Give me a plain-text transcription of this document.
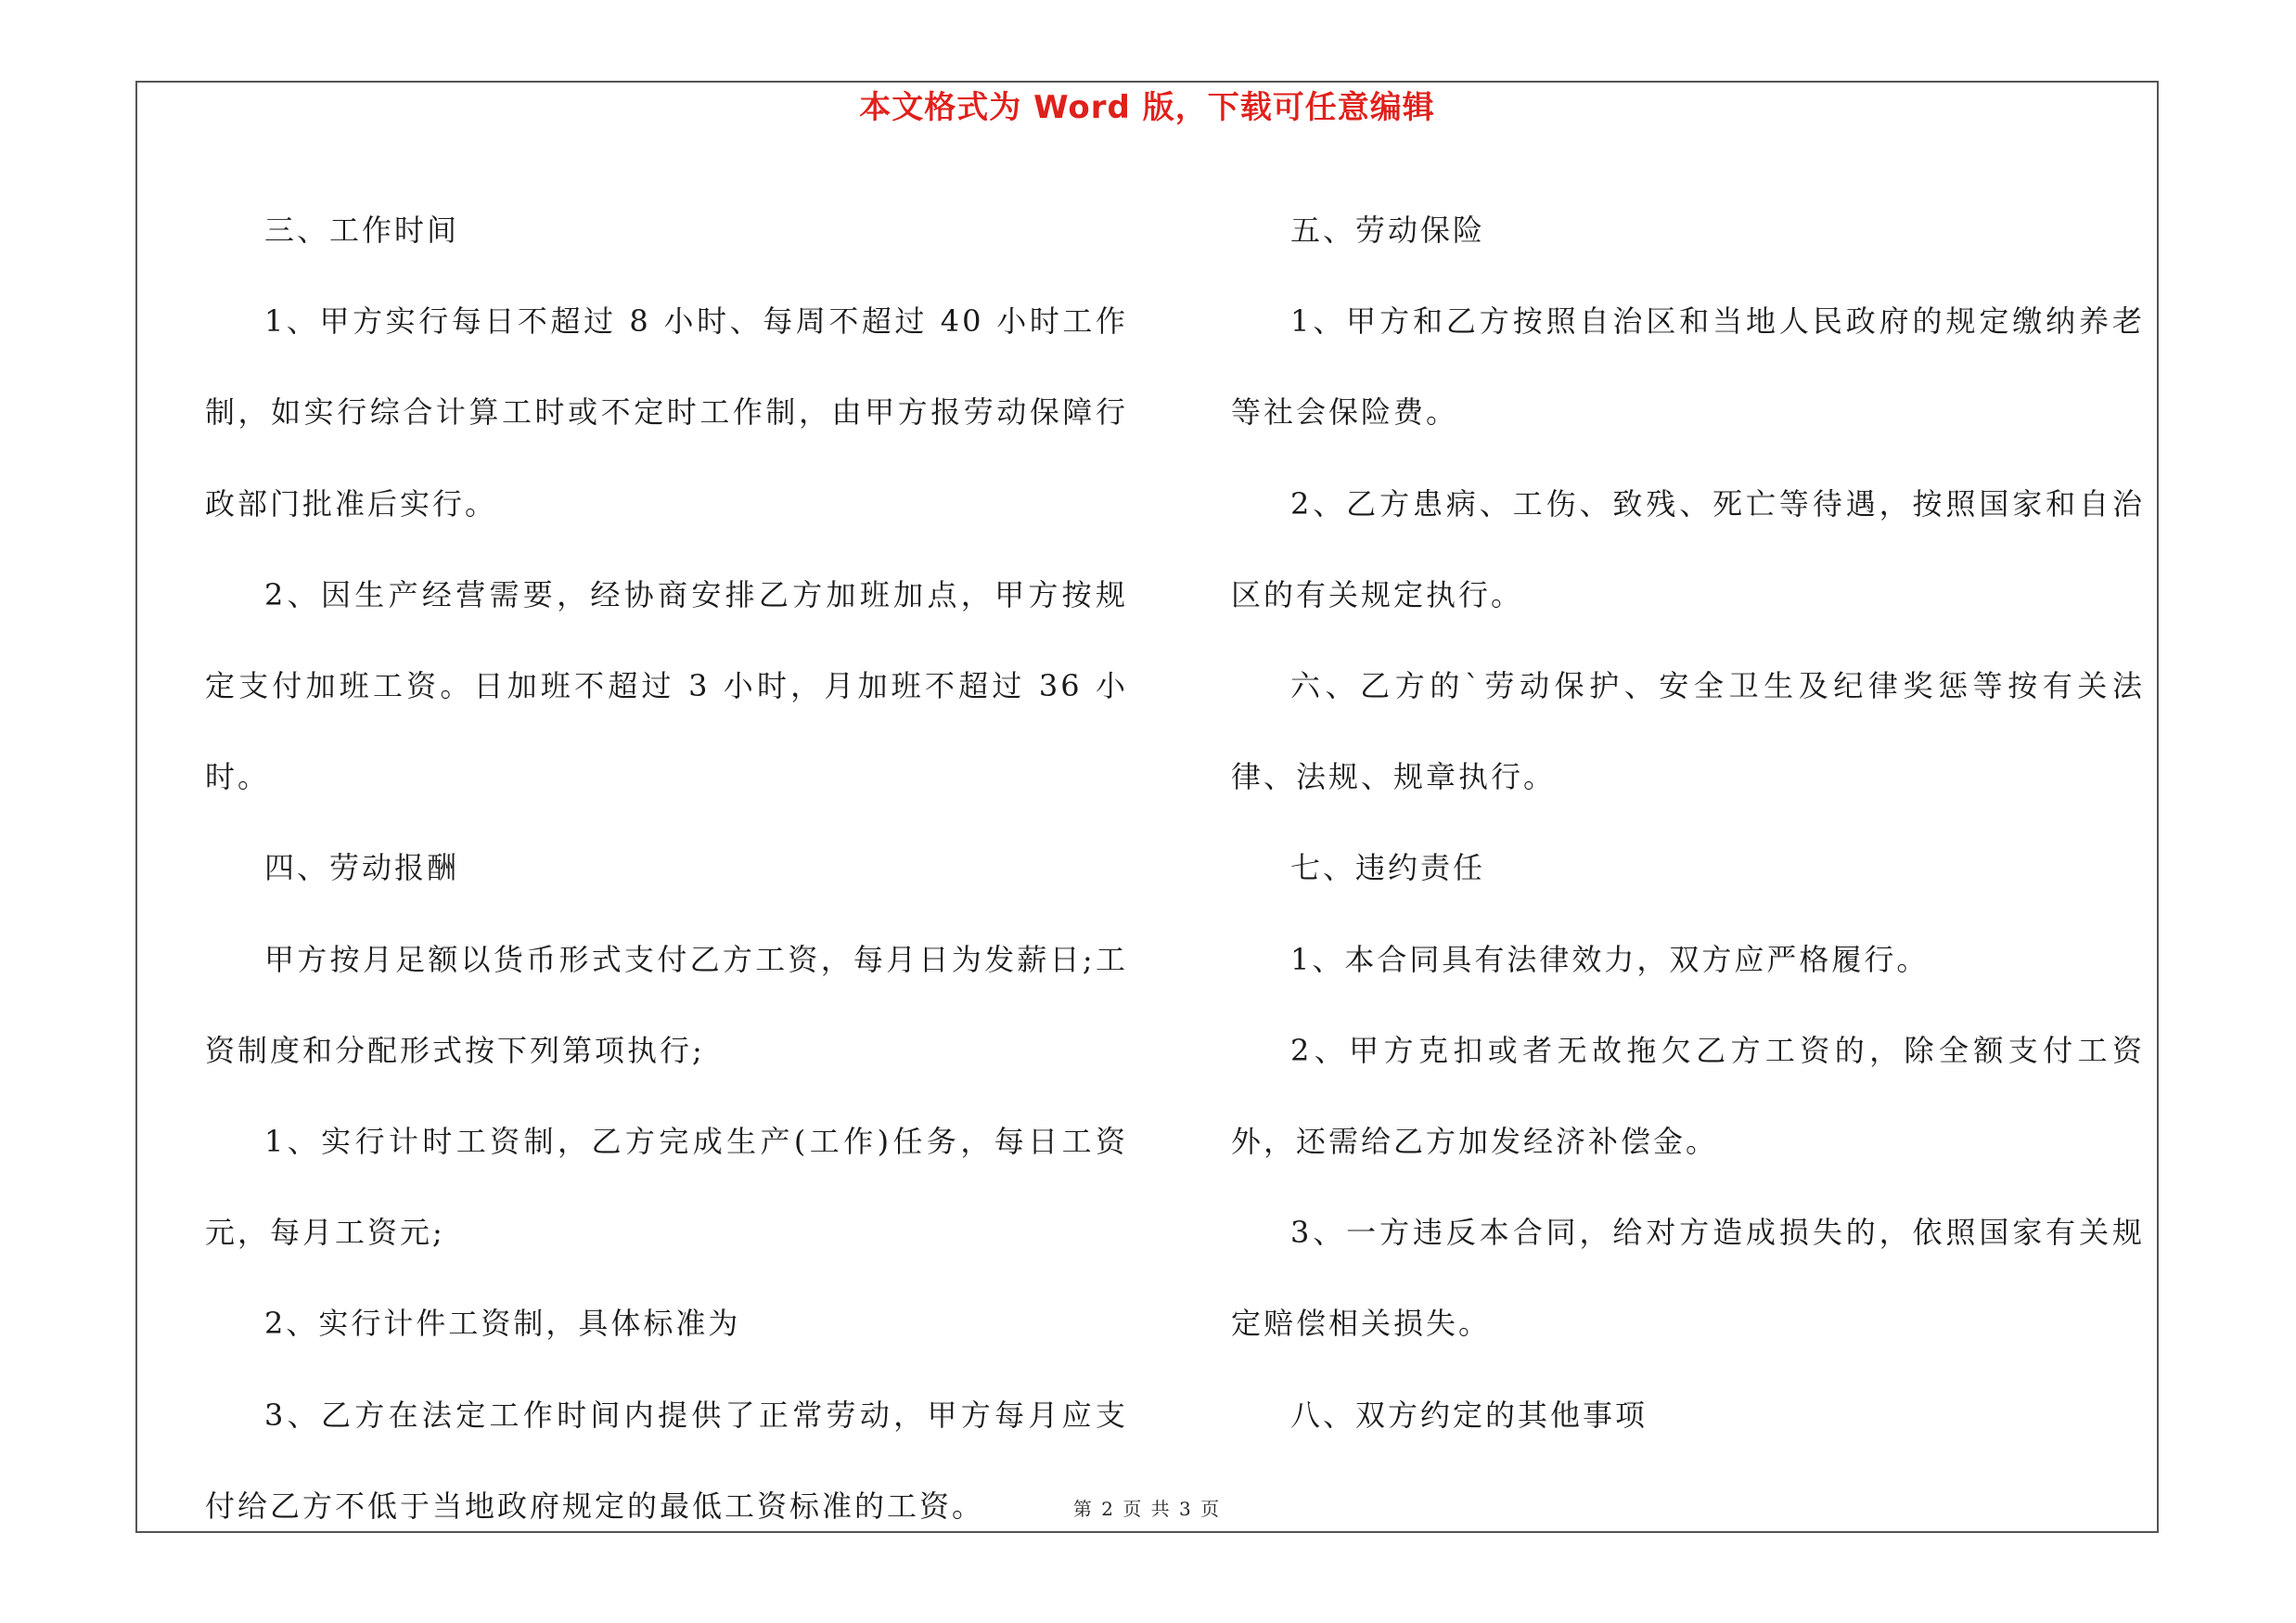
本文格式为 Word 版，下载可任意编辑

三、工作时间

1、甲方实行每日不超过 8 小时、每周不超过 40 小时工作制，如实行综合计算工时或不定时工作制，由甲方报劳动保障行政部门批准后实行。

2、因生产经营需要，经协商安排乙方加班加点，甲方按规定支付加班工资。日加班不超过 3 小时，月加班不超过 36 小时。

四、劳动报酬

甲方按月足额以货币形式支付乙方工资，每月日为发薪日;工资制度和分配形式按下列第项执行;

1、实行计时工资制，乙方完成生产(工作)任务，每日工资元，每月工资元;

2、实行计件工资制，具体标准为

3、乙方在法定工作时间内提供了正常劳动，甲方每月应支付给乙方不低于当地政府规定的最低工资标准的工资。

五、劳动保险

1、甲方和乙方按照自治区和当地人民政府的规定缴纳养老等社会保险费。

2、乙方患病、工伤、致残、死亡等待遇，按照国家和自治区的有关规定执行。

六、乙方的`劳动保护、安全卫生及纪律奖惩等按有关法律、法规、规章执行。

七、违约责任

1、本合同具有法律效力，双方应严格履行。

2、甲方克扣或者无故拖欠乙方工资的，除全额支付工资外，还需给乙方加发经济补偿金。

3、一方违反本合同，给对方造成损失的，依照国家有关规定赔偿相关损失。

八、双方约定的其他事项

第 2 页 共 3 页
